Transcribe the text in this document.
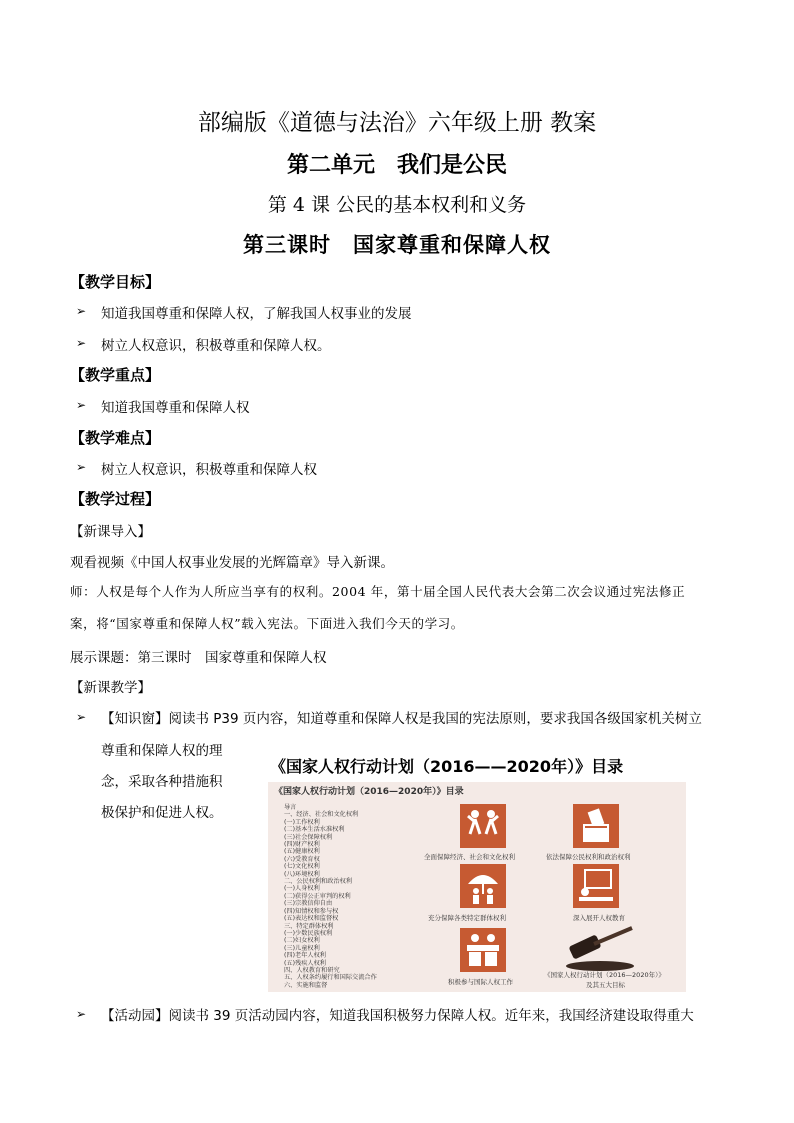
部编版《道德与法治》六年级上册 教案
第二单元　我们是公民
第 4 课 公民的基本权利和义务
第三课时　国家尊重和保障人权
【教学目标】
➢ 知道我国尊重和保障人权，了解我国人权事业的发展
➢ 树立人权意识，积极尊重和保障人权。
【教学重点】
➢ 知道我国尊重和保障人权
【教学难点】
➢ 树立人权意识，积极尊重和保障人权
【教学过程】
【新课导入】
观看视频《中国人权事业发展的光辉篇章》导入新课。
师：人权是每个人作为人所应当享有的权利。2004 年，第十届全国人民代表大会第二次会议通过宪法修正
案，将“国家尊重和保障人权”载入宪法。下面进入我们今天的学习。
展示课题：第三课时　国家尊重和保障人权
【新课教学】
➢ 【知识窗】阅读书 P39 页内容，知道尊重和保障人权是我国的宪法原则，要求我国各级国家机关树立
尊重和保障人权的理
念，采取各种措施积
极保护和促进人权。
《国家人权行动计划（2016——2020年）》目录
《国家人权行动计划（2016—2020年）》目录
导言
一、经济、社会和文化权利
(一)工作权利
(二)基本生活水准权利
(三)社会保障权利
(四)财产权利
(五)健康权利
(六)受教育权
(七)文化权利
(八)环境权利
二、公民权利和政治权利
(一)人身权利
(二)获得公正审判的权利
(三)宗教信仰自由
(四)知情权和参与权
(五)表达权和监督权
三、特定群体权利
(一)少数民族权利
(二)妇女权利
(三)儿童权利
(四)老年人权利
(五)残疾人权利
四、人权教育和研究
五、人权条约履行和国际交流合作
六、实施和监督
全面保障经济、社会和文化权利	依法保障公民权利和政治权利
充分保障各类特定群体权利	深入展开人权教育
积极参与国际人权工作
《国家人权行动计划（2016—2020年）》
及其五大目标
➢ 【活动园】阅读书 39 页活动园内容，知道我国积极努力保障人权。近年来，我国经济建设取得重大
